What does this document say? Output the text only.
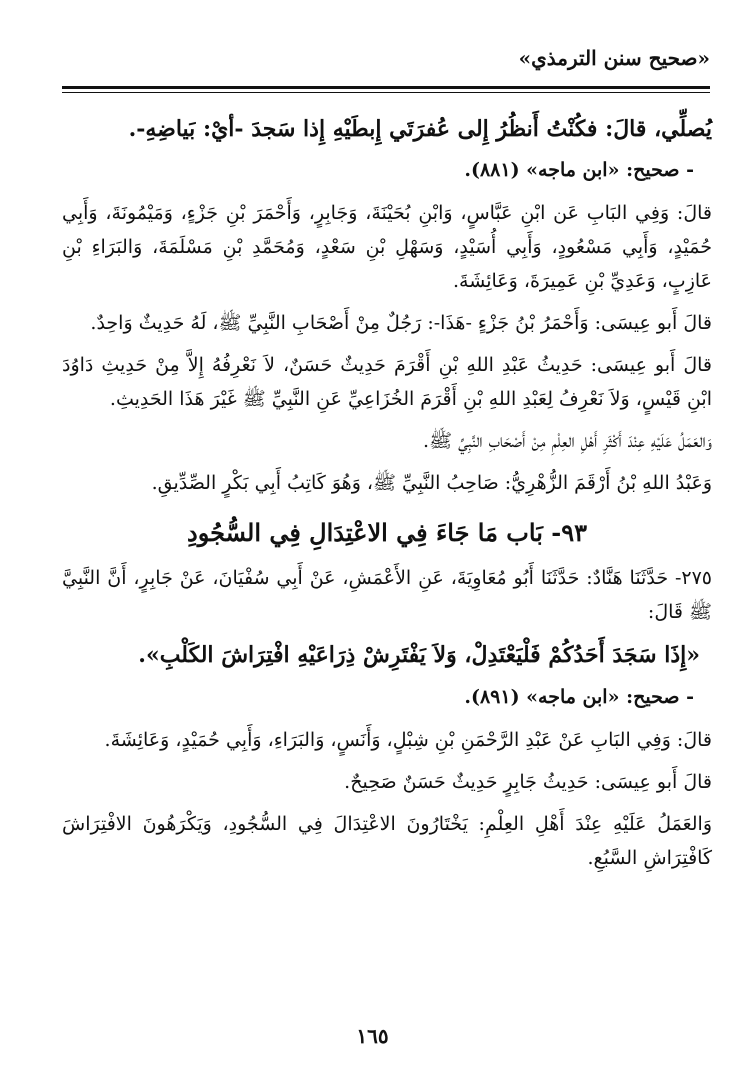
«صحيح سنن الترمذي»

يُصلِّي، قالَ: فكُنْتُ أَنظُرُ إِلى عُفرَتَي إِبطَيْهِ إِذا سَجدَ -أيْ: بَياضِهِ-.

- صحيح: «ابن ماجه» (٨٨١).

قالَ: وَفِي البَابِ عَن ابْنِ عَبَّاسٍ، وَابْنِ بُحَيْنَةَ، وَجَابِرٍ، وَأَحْمَرَ بْنِ جَزْءٍ، وَمَيْمُونَةَ، وَأَبِي حُمَيْدٍ، وَأَبِي مَسْعُودٍ، وَأَبِي أُسَيْدٍ، وَسَهْلِ بْنِ سَعْدٍ، وَمُحَمَّدِ بْنِ مَسْلَمَةَ، وَالبَرَاءِ بْنِ عَازِبٍ، وَعَدِيِّ بْنِ عَمِيرَةَ، وَعَائِشَةَ.

قالَ أَبو عِيسَى: وَأَحْمَرُ بْنُ جَزْءٍ -هَذَا-: رَجُلٌ مِنْ أَصْحَابِ النَّبِيِّ ﷺ، لَهُ حَدِيثٌ وَاحِدٌ.

قالَ أَبو عِيسَى: حَدِيثُ عَبْدِ اللهِ بْنِ أَقْرَمَ حَدِيثٌ حَسَنٌ، لاَ نَعْرِفُهُ إِلاَّ مِنْ حَدِيثِ دَاوُدَ ابْنِ قَيْسٍ، وَلاَ نَعْرِفُ لِعَبْدِ اللهِ بْنِ أَقْرَمَ الخُزَاعِيِّ عَنِ النَّبِيِّ ﷺ غَيْرَ هَذَا الحَدِيثِ.

وَالعَمَلُ عَلَيْهِ عِنْدَ أَكْثَرِ أَهْلِ العِلْمِ مِنْ أَصْحَابِ النَّبِيِّ ﷺ.

وَعَبْدُ اللهِ بْنُ أَرْقَمَ الزُّهْرِيُّ: صَاحِبُ النَّبِيِّ ﷺ، وَهُوَ كَاتِبُ أَبِي بَكْرٍ الصِّدِّيقِ.

٩٣- بَاب مَا جَاءَ فِي الاعْتِدَالِ فِي السُّجُودِ

٢٧٥- حَدَّثَنَا هَنَّادٌ: حَدَّثَنَا أَبُو مُعَاوِيَةَ، عَنِ الأَعْمَشِ، عَنْ أَبِي سُفْيَانَ، عَنْ جَابِرٍ، أَنَّ النَّبِيَّ ﷺ قَالَ:

«إِذَا سَجَدَ أَحَدُكُمْ فَلْيَعْتَدِلْ، وَلاَ يَفْتَرِشْ ذِرَاعَيْهِ افْتِرَاشَ الكَلْبِ».

- صحيح: «ابن ماجه» (٨٩١).

قالَ: وَفِي البَابِ عَنْ عَبْدِ الرَّحْمَنِ بْنِ شِبْلٍ، وَأَنَسٍ، وَالبَرَاءِ، وَأَبِي حُمَيْدٍ، وَعَائِشَةَ.

قالَ أَبو عِيسَى: حَدِيثُ جَابِرٍ حَدِيثٌ حَسَنٌ صَحِيحٌ.

وَالعَمَلُ عَلَيْهِ عِنْدَ أَهْلِ العِلْمِ: يَخْتَارُونَ الاعْتِدَالَ فِي السُّجُودِ، وَيَكْرَهُونَ الافْتِرَاشَ كَافْتِرَاشِ السَّبُعِ.

١٦٥
